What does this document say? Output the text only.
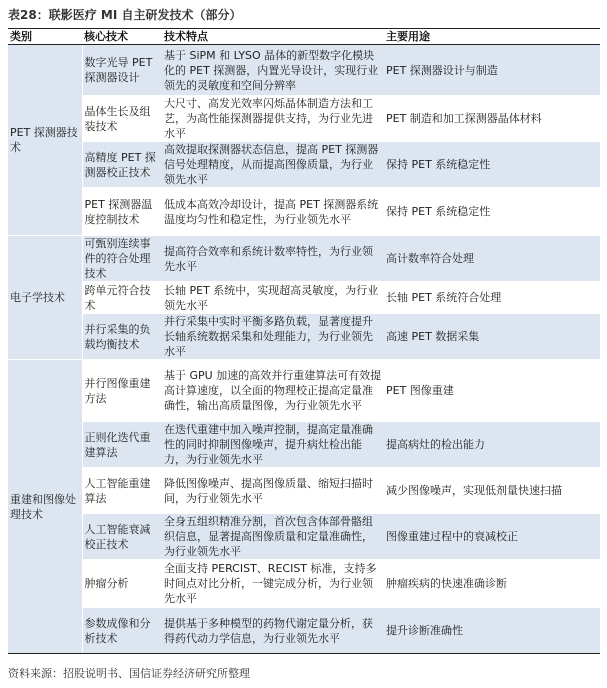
表28：联影医疗 MI 自主研发技术（部分）
类别	核心技术	技术特点	主要用途
PET 探测器技术	数字光导 PET 探测器设计	基于 SiPM 和 LYSO 晶体的新型数字化模块化的 PET 探测器，内置光导设计，实现行业领先的灵敏度和空间分辨率	PET 探测器设计与制造
	晶体生长及组装技术	大尺寸、高发光效率闪烁晶体制造方法和工艺，为高性能探测器提供支持，为行业先进水平	PET 制造和加工探测器晶体材料
	高精度 PET 探测器校正技术	高效提取探测器状态信息，提高 PET 探测器信号处理精度，从而提高图像质量，为行业领先水平	保持 PET 系统稳定性
	PET 探测器温度控制技术	低成本高效冷却设计，提高 PET 探测器系统温度均匀性和稳定性，为行业领先水平	保持 PET 系统稳定性
电子学技术	可甄别连续事件的符合处理技术	提高符合效率和系统计数率特性，为行业领先水平	高计数率符合处理
	跨单元符合技术	长轴 PET 系统中，实现超高灵敏度，为行业领先水平	长轴 PET 系统符合处理
	并行采集的负载均衡技术	并行采集中实时平衡多路负载，显著度提升长轴系统数据采集和处理能力，为行业领先水平	高速 PET 数据采集
重建和图像处理技术	并行图像重建方法	基于 GPU 加速的高效并行重建算法可有效提高计算速度，以全面的物理校正提高定量准确性，输出高质量图像，为行业领先水平	PET 图像重建
	正则化迭代重建算法	在迭代重建中加入噪声控制，提高定量准确性的同时抑制图像噪声，提升病灶检出能力，为行业领先水平	提高病灶的检出能力
	人工智能重建算法	降低图像噪声、提高图像质量、缩短扫描时间，为行业领先水平	减少图像噪声，实现低剂量快速扫描
	人工智能衰减校正技术	全身五组织精准分割，首次包含体部骨骼组织信息，显著提高图像质量和定量准确性，为行业领先水平	图像重建过程中的衰减校正
	肿瘤分析	全面支持 PERCIST、RECIST 标准，支持多时间点对比分析，一键完成分析，为行业领先水平	肿瘤疾病的快速准确诊断
	参数成像和分析技术	提供基于多种模型的药物代谢定量分析，获得药代动力学信息，为行业领先水平	提升诊断准确性
资料来源：招股说明书、国信证券经济研究所整理
